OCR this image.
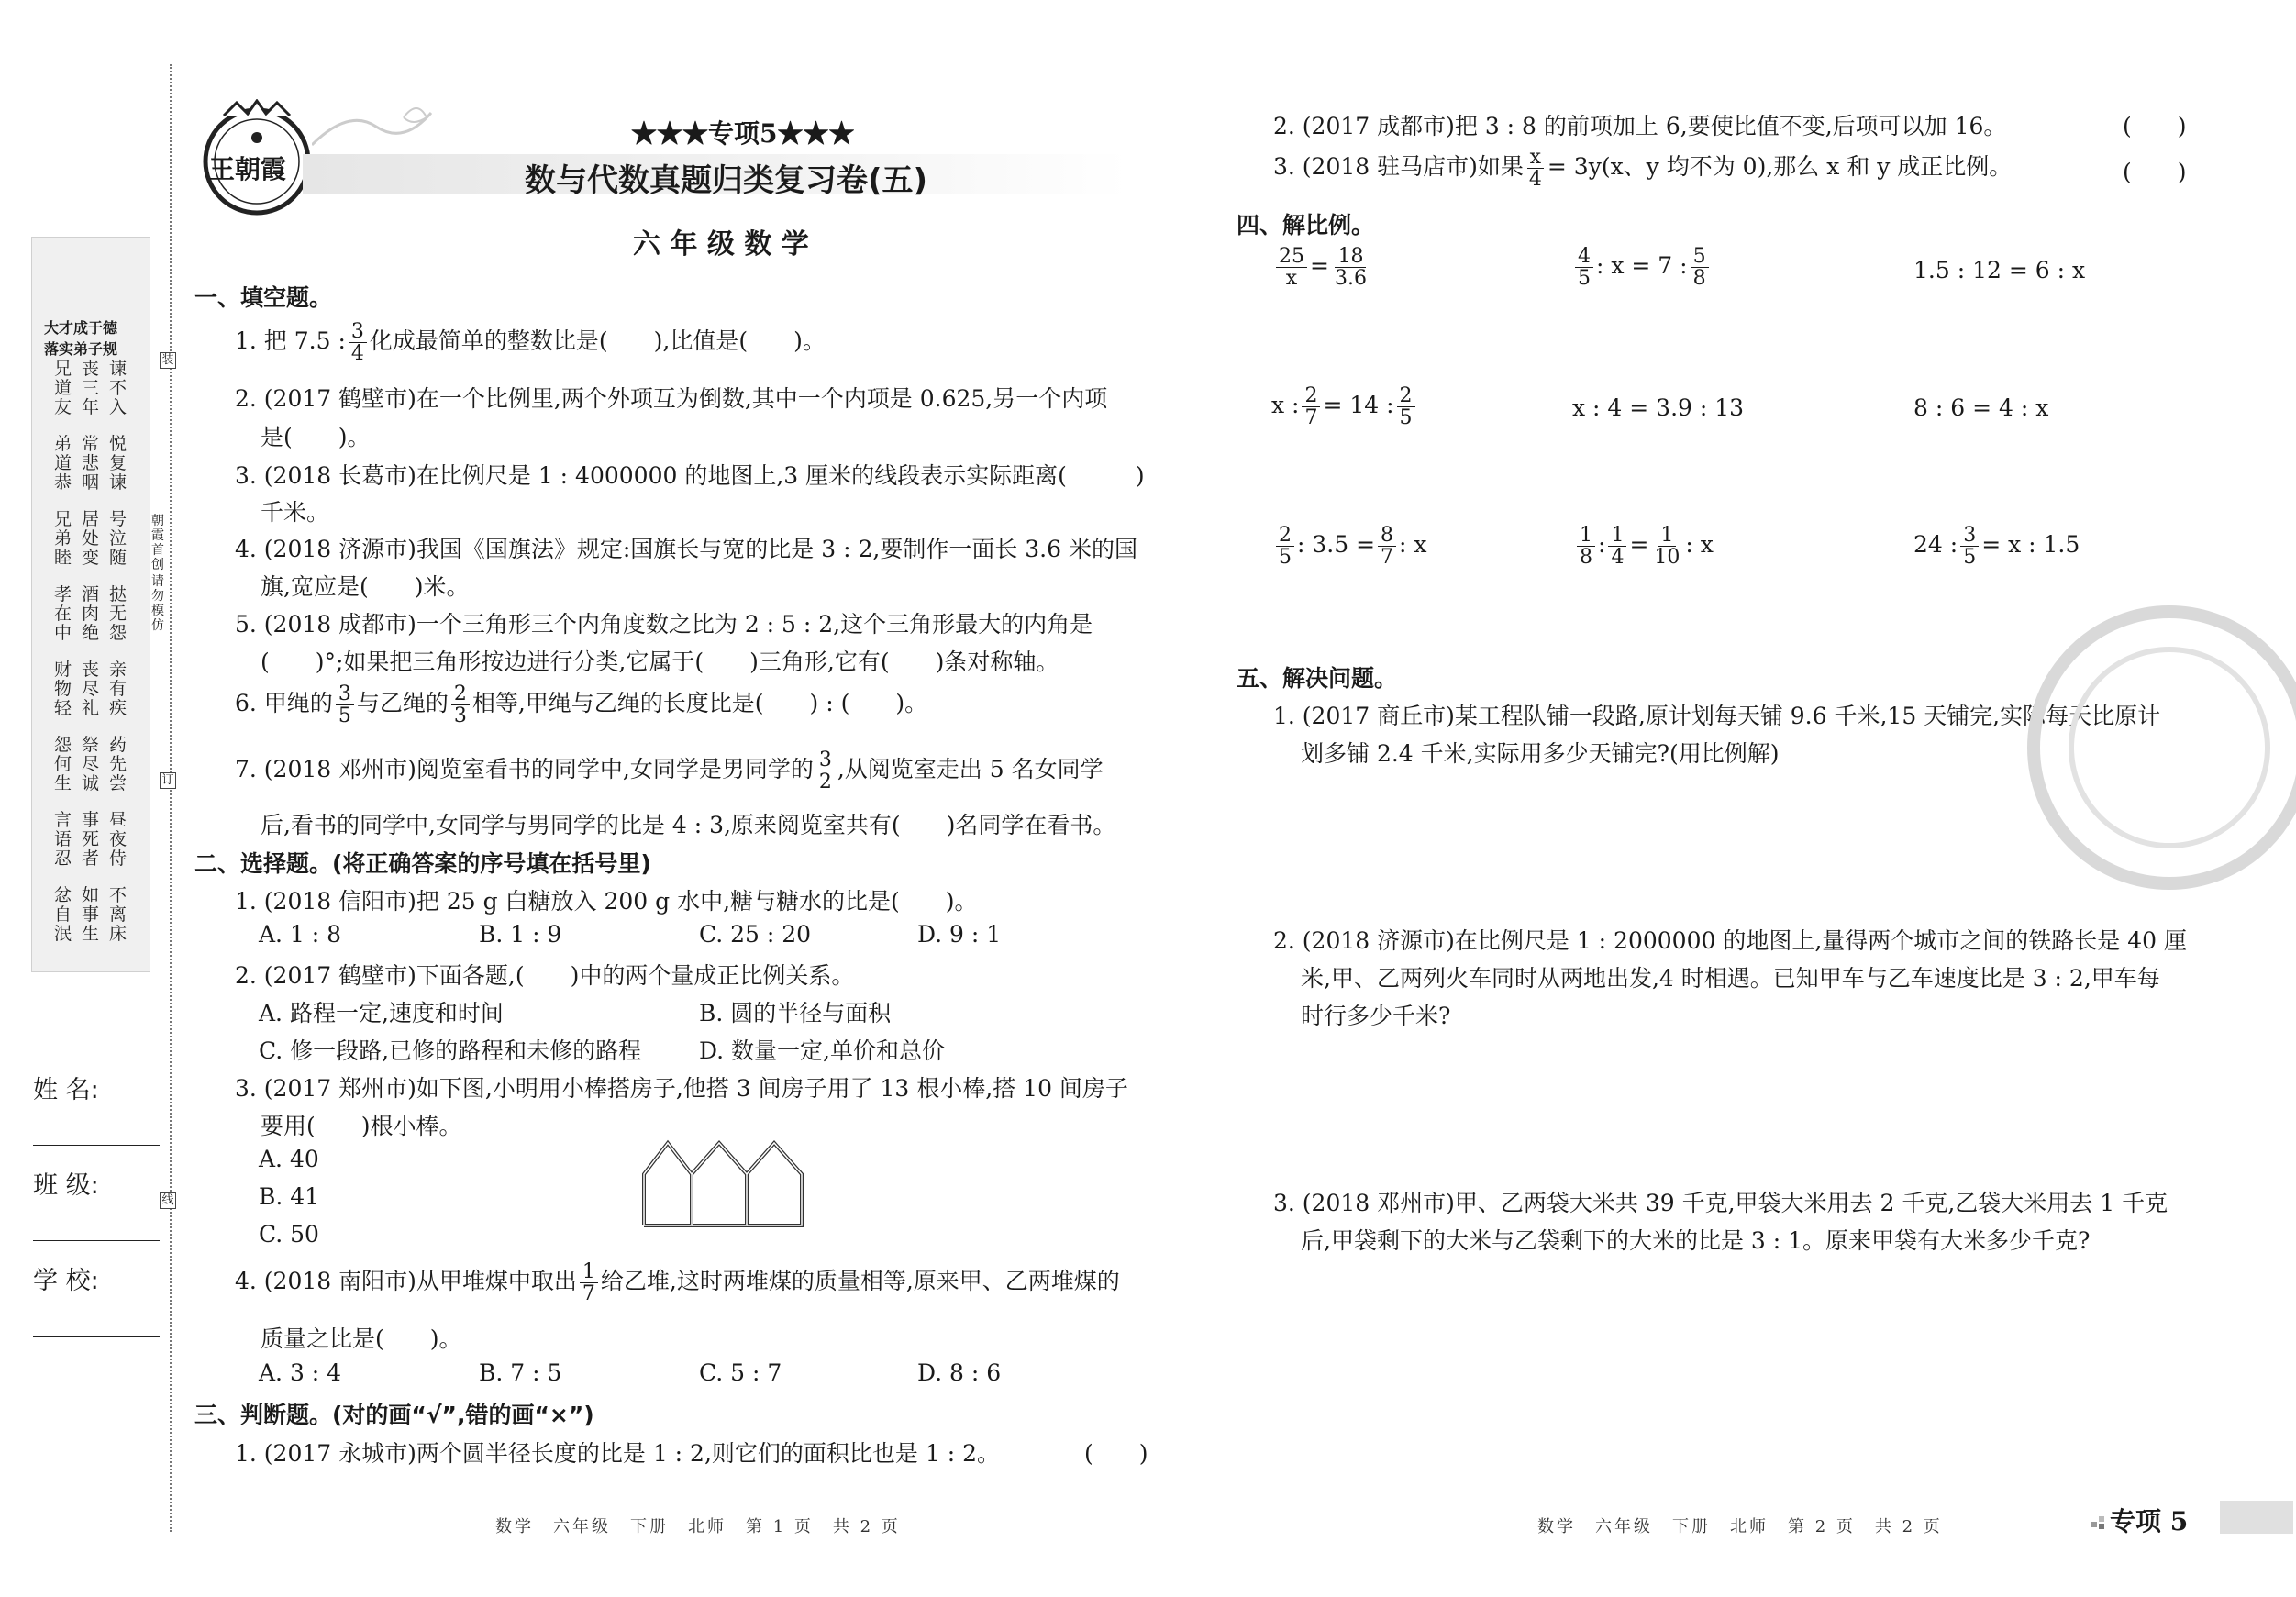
大才成于德
落实弟子规
兄道友
丧三年
谏不入
弟道恭
常悲咽
悦复谏
兄弟睦
居处变
号泣随
孝在中
酒肉绝
挞无怨
财物轻
丧尽礼
亲有疾
怨何生
祭尽诚
药先尝
言语忍
事死者
昼夜侍
忿自泯
如事生
不离床
装
订
线
朝霞首创
请勿模仿
姓 名:
班 级:
学 校:
王朝霞
★★★专项5★★★
数与代数真题归类复习卷(五)
六 年 级 数 学
一、填空题。
1. 把 7.5 : $\frac{3}{4}$ 化成最简单的整数比是(　　),比值是(　　)。
2. (2017 鹤壁市)在一个比例里,两个外项互为倒数,其中一个内项是 0.625,另一个内项
是(　　)。
3. (2018 长葛市)在比例尺是 1 : 4000000 的地图上,3 厘米的线段表示实际距离(　　　)
千米。
4. (2018 济源市)我国《国旗法》规定:国旗长与宽的比是 3 : 2,要制作一面长 3.6 米的国
旗,宽应是(　　)米。
5. (2018 成都市)一个三角形三个内角度数之比为 2 : 5 : 2,这个三角形最大的内角是
(　　)°;如果把三角形按边进行分类,它属于(　　)三角形,它有(　　)条对称轴。
6. 甲绳的 $\frac{3}{5}$ 与乙绳的 $\frac{2}{3}$ 相等,甲绳与乙绳的长度比是(　　) : (　　)。
7. (2018 邓州市)阅览室看书的同学中,女同学是男同学的 $\frac{3}{2}$ ,从阅览室走出 5 名女同学
后,看书的同学中,女同学与男同学的比是 4 : 3,原来阅览室共有(　　)名同学在看书。
二、选择题。(将正确答案的序号填在括号里)
1. (2018 信阳市)把 25 g 白糖放入 200 g 水中,糖与糖水的比是(　　)。
A. 1 : 8	B. 1 : 9	C. 25 : 20	D. 9 : 1
2. (2017 鹤壁市)下面各题,(　　)中的两个量成正比例关系。
A. 路程一定,速度和时间	B. 圆的半径与面积
C. 修一段路,已修的路程和未修的路程	D. 数量一定,单价和总价
3. (2017 郑州市)如下图,小明用小棒搭房子,他搭 3 间房子用了 13 根小棒,搭 10 间房子
要用(　　)根小棒。
A. 40
B. 41
C. 50
4. (2018 南阳市)从甲堆煤中取出 $\frac{1}{7}$ 给乙堆,这时两堆煤的质量相等,原来甲、乙两堆煤的
质量之比是(　　)。
A. 3 : 4	B. 7 : 5	C. 5 : 7	D. 8 : 6
三、判断题。(对的画“√”,错的画“×”)
1. (2017 永城市)两个圆半径长度的比是 1 : 2,则它们的面积比也是 1 : 2。	(　　)
数学　六年级　下册　北师　第 1 页　共 2 页
2. (2017 成都市)把 3 : 8 的前项加上 6,要使比值不变,后项可以加 16。	(　　)
3. (2018 驻马店市)如果 $\frac{x}{4} = 3y(x$、y 均不为 0),那么 x 和 y 成正比例。	(　　)
四、解比例。
$\frac{25}{x} = \frac{18}{3.6}$	$\frac{4}{5}$ : x = 7 : $\frac{5}{8}$	1.5 : 12 = 6 : x
x : $\frac{2}{7} = 14$ : $\frac{2}{5}$	x : 4 = 3.9 : 13	8 : 6 = 4 : x
$\frac{2}{5}$ : $3.5 = \frac{8}{7}$ : x	$\frac{1}{8}$ : $\frac{1}{4} = \frac{1}{10}$ : x	24 : $\frac{3}{5} = x$ : 1.5
五、解决问题。
1. (2017 商丘市)某工程队铺一段路,原计划每天铺 9.6 千米,15 天铺完,实际每天比原计
划多铺 2.4 千米,实际用多少天铺完?(用比例解)
2. (2018 济源市)在比例尺是 1 : 2000000 的地图上,量得两个城市之间的铁路长是 40 厘
米,甲、乙两列火车同时从两地出发,4 时相遇。已知甲车与乙车速度比是 3 : 2,甲车每
时行多少千米?
3. (2018 邓州市)甲、乙两袋大米共 39 千克,甲袋大米用去 2 千克,乙袋大米用去 1 千克
后,甲袋剩下的大米与乙袋剩下的大米的比是 3 : 1。原来甲袋有大米多少千克?
数学　六年级　下册　北师　第 2 页　共 2 页	专项 5
